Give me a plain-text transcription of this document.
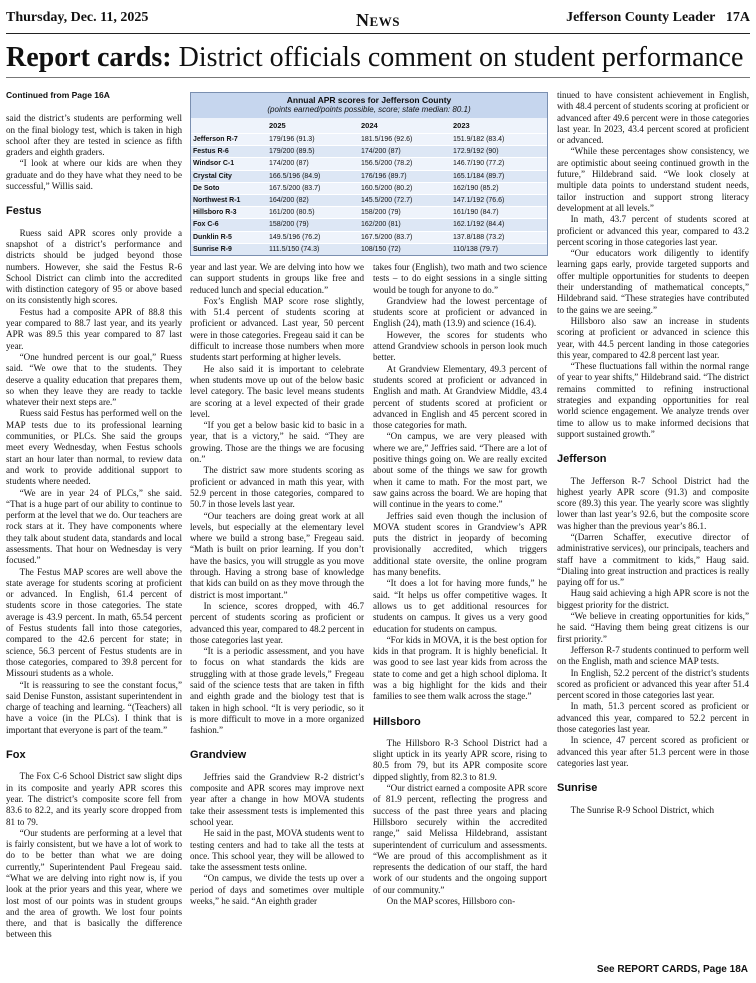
Thursday, Dec. 11, 2025	News	Jefferson County Leader 17A
Report cards: District officials comment on student performance
Continued from Page 16A

said the district’s students are performing well on the final biology test, which is taken in high school after they are tested in science as fifth graders and eighth graders.

“I look at where our kids are when they graduate and do they have what they need to be successful,” Willis said.

Festus

Ruess said APR scores only provide a snapshot of a district’s performance and districts should be judged beyond those numbers. However, she said the Festus R-6 School District can climb into the accredited with distinction category of 95 or above based on its consistently high scores.

Festus had a composite APR of 88.8 this year compared to 88.7 last year, and its yearly APR was 89.5 this year compared to 87 last year.

“One hundred percent is our goal,” Ruess said. “We owe that to the students. They deserve a quality education that prepares them, so when they leave they are ready to tackle whatever their next steps are.”

Ruess said Festus has performed well on the MAP tests due to its professional learning communities, or PLCs. She said the groups meet every Wednesday, when Festus schools start an hour later than normal, to review data and work to provide additional support to students where needed.

“We are in year 24 of PLCs,” she said. “That is a huge part of our ability to continue to perform at the level that we do. Our teachers are rock stars at it. They have components where they talk about student data, standards and local assessments. That hour on Wednesday is very focused.”

The Festus MAP scores are well above the state average for students scoring at proficient or advanced. In English, 61.4 percent of students score in those categories. The state average is 43.9 percent. In math, 65.54 percent of Festus students fall into those categories, compared to the 42.6 percent for state; in science, 56.3 percent of Festus students are in those categories, compared to 39.8 percent for Missouri students as a whole.

“It is reassuring to see the constant focus,” said Denise Funston, assistant superintendent in charge of teaching and learning. “(Teachers) all have a voice (in the PLCs). I think that is important that everyone is part of the team.”

Fox

The Fox C-6 School District saw slight dips in its composite and yearly APR scores this year. The district’s composite score fell from 83.6 to 82.2, and its yearly score dropped from 81 to 79.

“Our students are performing at a level that is fairly consistent, but we have a lot of work to do to be better than what we are doing currently,” Superintendent Paul Fregeau said. “What we are delving into right now is, if you look at the prior years and this year, where we lost most of our points was in student groups and the area of growth. We lost four points there, and that is basically the difference between this

year and last year. We are delving into how we can support students in groups like free and reduced lunch and special education.”

Fox’s English MAP score rose slightly, with 51.4 percent of students scoring at proficient or advanced. Last year, 50 percent were in those categories. Fregeau said it can be difficult to increase those numbers when more students start performing at higher levels.

He also said it is important to celebrate when students move up out of the below basic level category. The basic level means students are scoring at a level expected of their grade level.

“If you get a below basic kid to basic in a year, that is a victory,” he said. “They are growing. Those are the things we are focusing on.”

The district saw more students scoring as proficient or advanced in math this year, with 52.9 percent in those categories, compared to 50.7 in those levels last year.

“Our teachers are doing great work at all levels, but especially at the elementary level where we build a strong base,” Fregeau said. “Math is built on prior learning. If you don’t have the basics, you will struggle as you move through. Having a strong base of knowledge that kids can build on as they move through the district is most important.”

In science, scores dropped, with 46.7 percent of students scoring as proficient or advanced this year, compared to 48.2 percent in those categories last year.

“It is a periodic assessment, and you have to focus on what standards the kids are struggling with at those grade levels,” Fregeau said of the science tests that are taken in fifth and eighth grade and the biology test that is taken in high school. “It is very periodic, so it is more difficult to move in a more organized fashion.”

Grandview

Jeffries said the Grandview R-2 district’s composite and APR scores may improve next year after a change in how MOVA students take their assessment tests is implemented this school year.

He said in the past, MOVA students went to testing centers and had to take all the tests at once. This school year, they will be allowed to take the assessment tests online.

“On campus, we divide the tests up over a period of days and sometimes over multiple weeks,” he said. “An eighth grader

takes four (English), two math and two science tests – to do eight sessions in a single sitting would be tough for anyone to do.”

Grandview had the lowest percentage of students score at proficient or advanced in English (24), math (13.9) and science (16.4).

However, the scores for students who attend Grandview schools in person look much better.

At Grandview Elementary, 49.3 percent of students scored at proficient or advanced in English and math. At Grandview Middle, 43.4 percent of students scored at proficient or advanced in English and 45 percent scored in those categories for math.

“On campus, we are very pleased with where we are,” Jeffries said. “There are a lot of positive things going on. We are really excited about some of the things we saw for growth when it came to math. For the most part, we saw gains across the board. We are hoping that will continue in the years to come.”

Jeffries said even though the inclusion of MOVA student scores in Grandview’s APR puts the district in jeopardy of becoming provisionally accredited, which triggers additional state oversite, the online program has many benefits.

“It does a lot for having more funds,” he said. “It helps us offer competitive wages. It allows us to get additional resources for students on campus. It gives us a very good education for students on campus.

“For kids in MOVA, it is the best option for kids in that program. It is highly beneficial. It was good to see last year kids from across the state to come and get a high school diploma. It was a big highlight for the kids and their families to see them walk across the stage.”

Hillsboro

The Hillsboro R-3 School District had a slight uptick in its yearly APR score, rising to 80.5 from 79, but its APR composite score dipped slightly, from 82.3 to 81.9.

“Our district earned a composite APR score of 81.9 percent, reflecting the progress and success of the past three years and placing Hillsboro securely within the accredited range,” said Melissa Hildebrand, assistant superintendent of curriculum and assessments. “We are proud of this accomplishment as it represents the dedication of our staff, the hard work of our students and the ongoing support of our community.”

On the MAP scores, Hillsboro con-

tinued to have consistent achievement in English, with 48.4 percent of students scoring at proficient or advanced after 49.6 percent were in those categories last year. In 2023, 43.4 percent scored at proficient or advanced.

“While these percentages show consistency, we are optimistic about seeing continued growth in the future,” Hildebrand said. “We look closely at multiple data points to understand student needs, tailor instruction and support strong literacy development at all levels.”

In math, 43.7 percent of students scored at proficient or advanced this year, compared to 43.2 percent scoring in those categories last year.

“Our educators work diligently to identify learning gaps early, provide targeted supports and offer multiple opportunities for students to deepen their understanding of mathematical concepts,” Hildebrand said. “These strategies have contributed to the gains we are seeing.”

Hillsboro also saw an increase in students scoring at proficient or advanced in science this year, with 44.5 percent landing in those categories this year, compared to 42.8 percent last year.

“These fluctuations fall within the normal range of year to year shifts,” Hildebrand said. “The district remains committed to refining instructional strategies and expanding opportunities for real world science engagement. We analyze trends over time to allow us to make informed decisions that support sustained growth.”

Jefferson

The Jefferson R-7 School District had the highest yearly APR score (91.3) and composite score (89.3) this year. The yearly score was slightly lower than last year’s 92.6, but the composite score was higher than the previous year’s 86.1.

“(Darren Schaffer, executive director of administrative services), our principals, teachers and staff have a commitment to kids,” Haug said. “Dialing into great instruction and practices is really paying off for us.”

Haug said achieving a high APR score is not the biggest priority for the district.

“We believe in creating opportunities for kids,” he said. “Having them being great citizens is our first priority.”

Jefferson R-7 students continued to perform well on the English, math and science MAP tests.

In English, 52.2 percent of the district’s students scored as proficient or advanced this year after 51.4 percent scored in those categories last year.

In math, 51.3 percent scored as proficient or advanced this year, compared to 52.2 percent in those categories last year.

In science, 47 percent scored as proficient or advanced this year after 51.3 percent were in those categories last year.

Sunrise

The Sunrise R-9 School District, which

Annual APR scores for Jefferson County
(points earned/points possible, score; state median: 80.1)
2025	2024	2023
Jefferson R-7	179/196 (91.3)	181.5/196 (92.6)	151.9/182 (83.4)
Festus R-6	179/200 (89.5)	174/200 (87)	172.9/192 (90)
Windsor C-1	174/200 (87)	156.5/200 (78.2)	146.7/190 (77.2)
Crystal City	166.5/196 (84.9)	176/196 (89.7)	165.1/184 (89.7)
De Soto	167.5/200 (83.7)	160.5/200 (80.2)	162/190 (85.2)
Northwest R-1	164/200 (82)	145.5/200 (72.7)	147.1/192 (76.6)
Hillsboro R-3	161/200 (80.5)	158/200 (79)	161/190 (84.7)
Fox C-6	158/200 (79)	162/200 (81)	162.1/192 (84.4)
Dunklin R-5	149.5/196 (76.2)	167.5/200 (83.7)	137.8/188 (73.2)
Sunrise R-9	111.5/150 (74.3)	108/150 (72)	110/138 (79.7)
See REPORT CARDS, Page 18A
